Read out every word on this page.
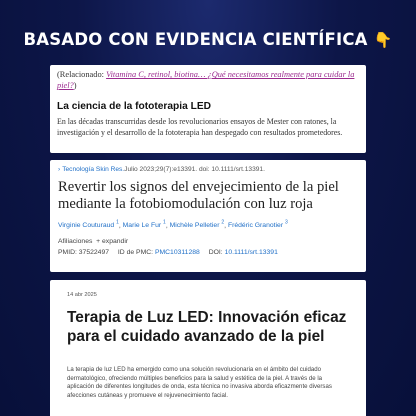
BASADO CON EVIDENCIA CIENTÍFICA 👇
(Relacionado: Vitamina C, retinol, biotina… ¿Qué necesitamos realmente para cuidar la piel?)
La ciencia de la fototerapia LED
En las décadas transcurridas desde los revolucionarios ensayos de Mester con ratones, la investigación y el desarrollo de la fototerapia han despegado con resultados prometedores.
› Tecnología Skin Res.Julio 2023;29(7):e13391. doi: 10.1111/srt.13391.
Revertir los signos del envejecimiento de la piel mediante la fotobiomodulación con luz roja
Virginie Couturaud $^1$, Marie Le Fur $^1$, Michèle Pelletier $^2$, Frédéric Granotier $^3$
Afiliaciones  + expandir
PMID: 37522497 ID de PMC: PMC10311288 DOI: 10.1111/srt.13391
14 abr 2025
Terapia de Luz LED: Innovación eficaz para el cuidado avanzado de la piel
La terapia de luz LED ha emergido como una solución revolucionaria en el ámbito del cuidado dermatológico, ofreciendo múltiples beneficios para la salud y estética de la piel. A través de la aplicación de diferentes longitudes de onda, esta técnica no invasiva aborda eficazmente diversas afecciones cutáneas y promueve el rejuvenecimiento facial.
